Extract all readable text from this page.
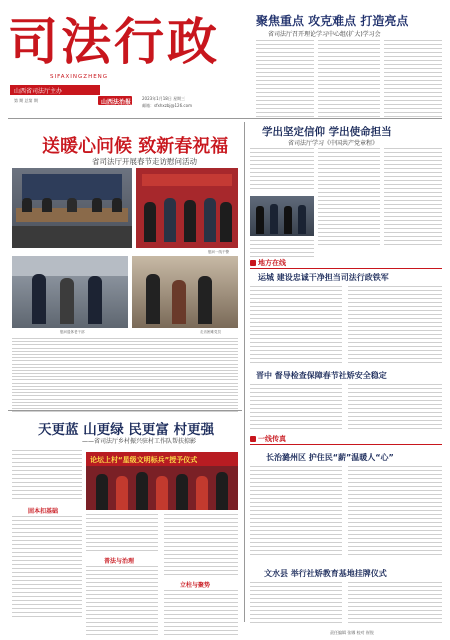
司法行政
SIFAXINGZHENG
山西省司法厅主办
第 期 总第 期	山西法治报
2023年1月18日 星期三
邮箱：sfxhxzbj@126.com
聚焦重点 攻克难点 打造亮点
省司法厅召开理论学习中心组(扩大)学习会
送暖心问候 致新春祝福
省司法厅开展春节走访慰问活动
慰问一线干警
慰问退休老干部	走访困难党员
学出坚定信仰 学出使命担当
省司法厅学习《中国共产党章程》
地方在线
运城 建设忠诚干净担当司法行政铁军
晋中 督导检查保障春节社矫安全稳定
一线传真
长治潞州区 护住民“薪”温暖人“心”
文水县 举行社矫教育基地挂牌仪式
天更蓝 山更绿 民更富 村更强
——省司法厅乡村振兴驻村工作队帮扶掠影
论坛上村“星级文明标兵”授予仪式
固本扣基础
普法与治理
立柱与聚势
责任编辑 张娜 校对 崔锐
